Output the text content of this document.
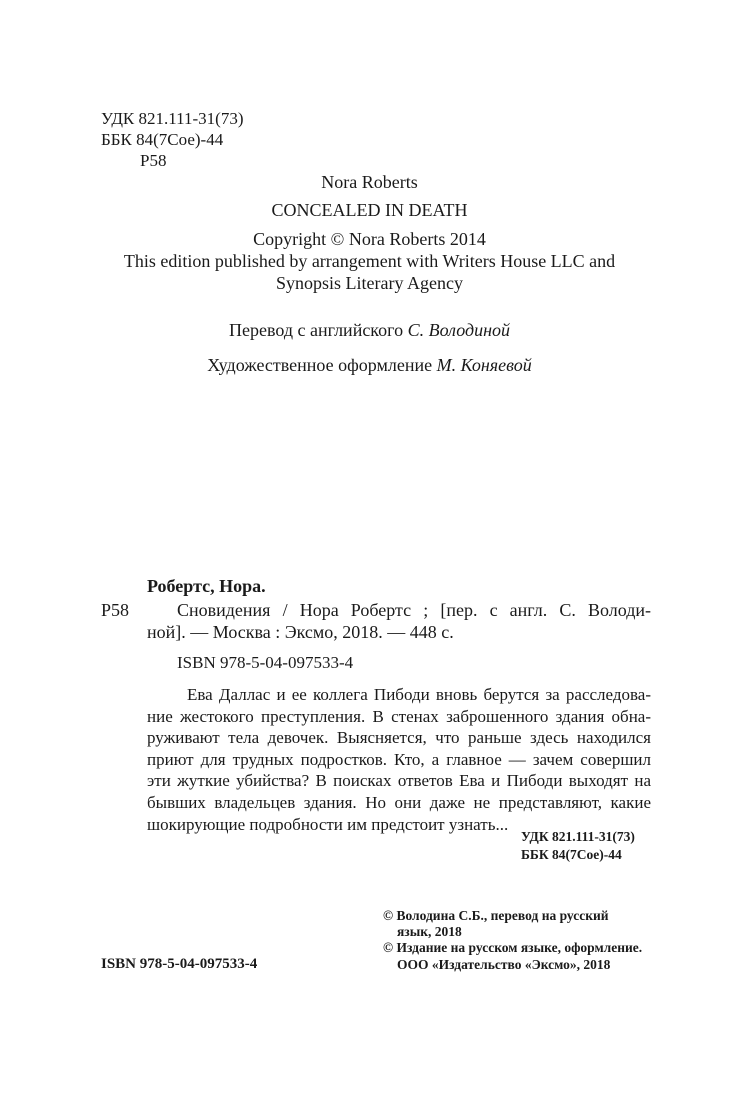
УДК 821.111-31(73)
ББК 84(7Сое)-44
Р58
Nora Roberts
CONCEALED IN DEATH
Copyright © Nora Roberts 2014
This edition published by arrangement with Writers House LLC and
Synopsis Literary Agency
Перевод с английского С. Володиной
Художественное оформление М. Коняевой
Робертс, Нора.
Р58	Сновидения / Нора Робертс ; [пер. с англ. С. Володи-
ной]. — Москва : Эксмо, 2018. — 448 с.
ISBN 978-5-04-097533-4
Ева Даллас и ее коллега Пибоди вновь берутся за расследова-
ние жестокого преступления. В стенах заброшенного здания обна-
руживают тела девочек. Выясняется, что раньше здесь находился
приют для трудных подростков. Кто, а главное — зачем совершил
эти жуткие убийства? В поисках ответов Ева и Пибоди выходят на
бывших владельцев здания. Но они даже не представляют, какие
шокирующие подробности им предстоит узнать...
УДК 821.111-31(73)
ББК 84(7Сое)-44
© Володина С.Б., перевод на русский
язык, 2018
© Издание на русском языке, оформление.
ООО «Издательство «Эксмо», 2018
ISBN 978-5-04-097533-4
